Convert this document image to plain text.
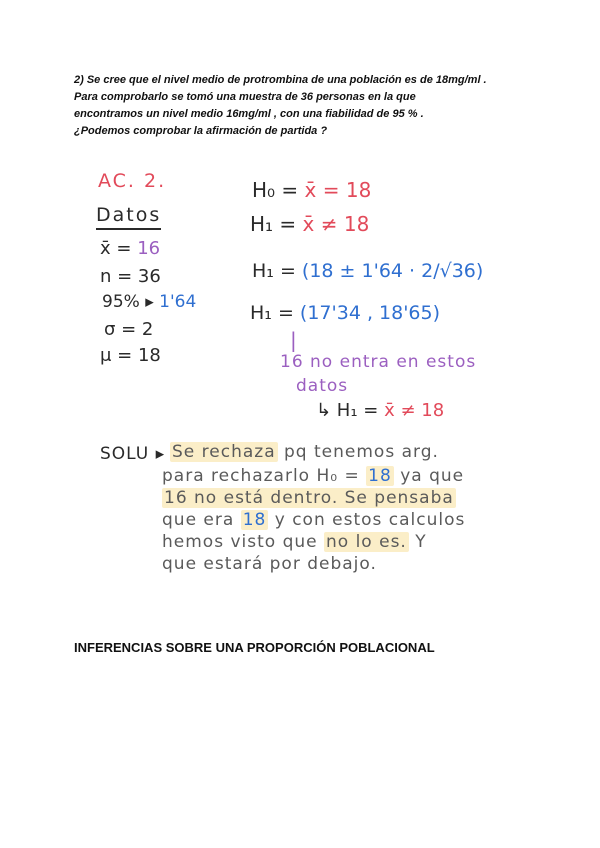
2) Se cree que el nivel medio de protrombina de una población es de 18mg/ml .
Para comprobarlo se tomó una muestra de 36 personas en la que
encontramos un nivel medio 16mg/ml , con una fiabilidad de 95 % .
¿Podemos comprobar la afirmación de partida ?
AC. 2.
Datos
x̄ = 16
n = 36
95% ▸ 1'64
σ = 2
μ = 18
H₀ = x̄ = 18
H₁ = x̄ ≠ 18
H₁ = (18 ± 1'64 · 2/√36)
H₁ = (17'34 , 18'65)
|
16 no entra en estos
datos
↳ H₁ = x̄ ≠ 18
SOLU ▸ Se rechaza pq tenemos arg.
para rechazarlo H₀ = 18 ya que
16 no está dentro. Se pensaba
que era 18 y con estos calculos
hemos visto que no lo es. Y
que estará por debajo.
INFERENCIAS SOBRE UNA PROPORCIÓN POBLACIONAL
